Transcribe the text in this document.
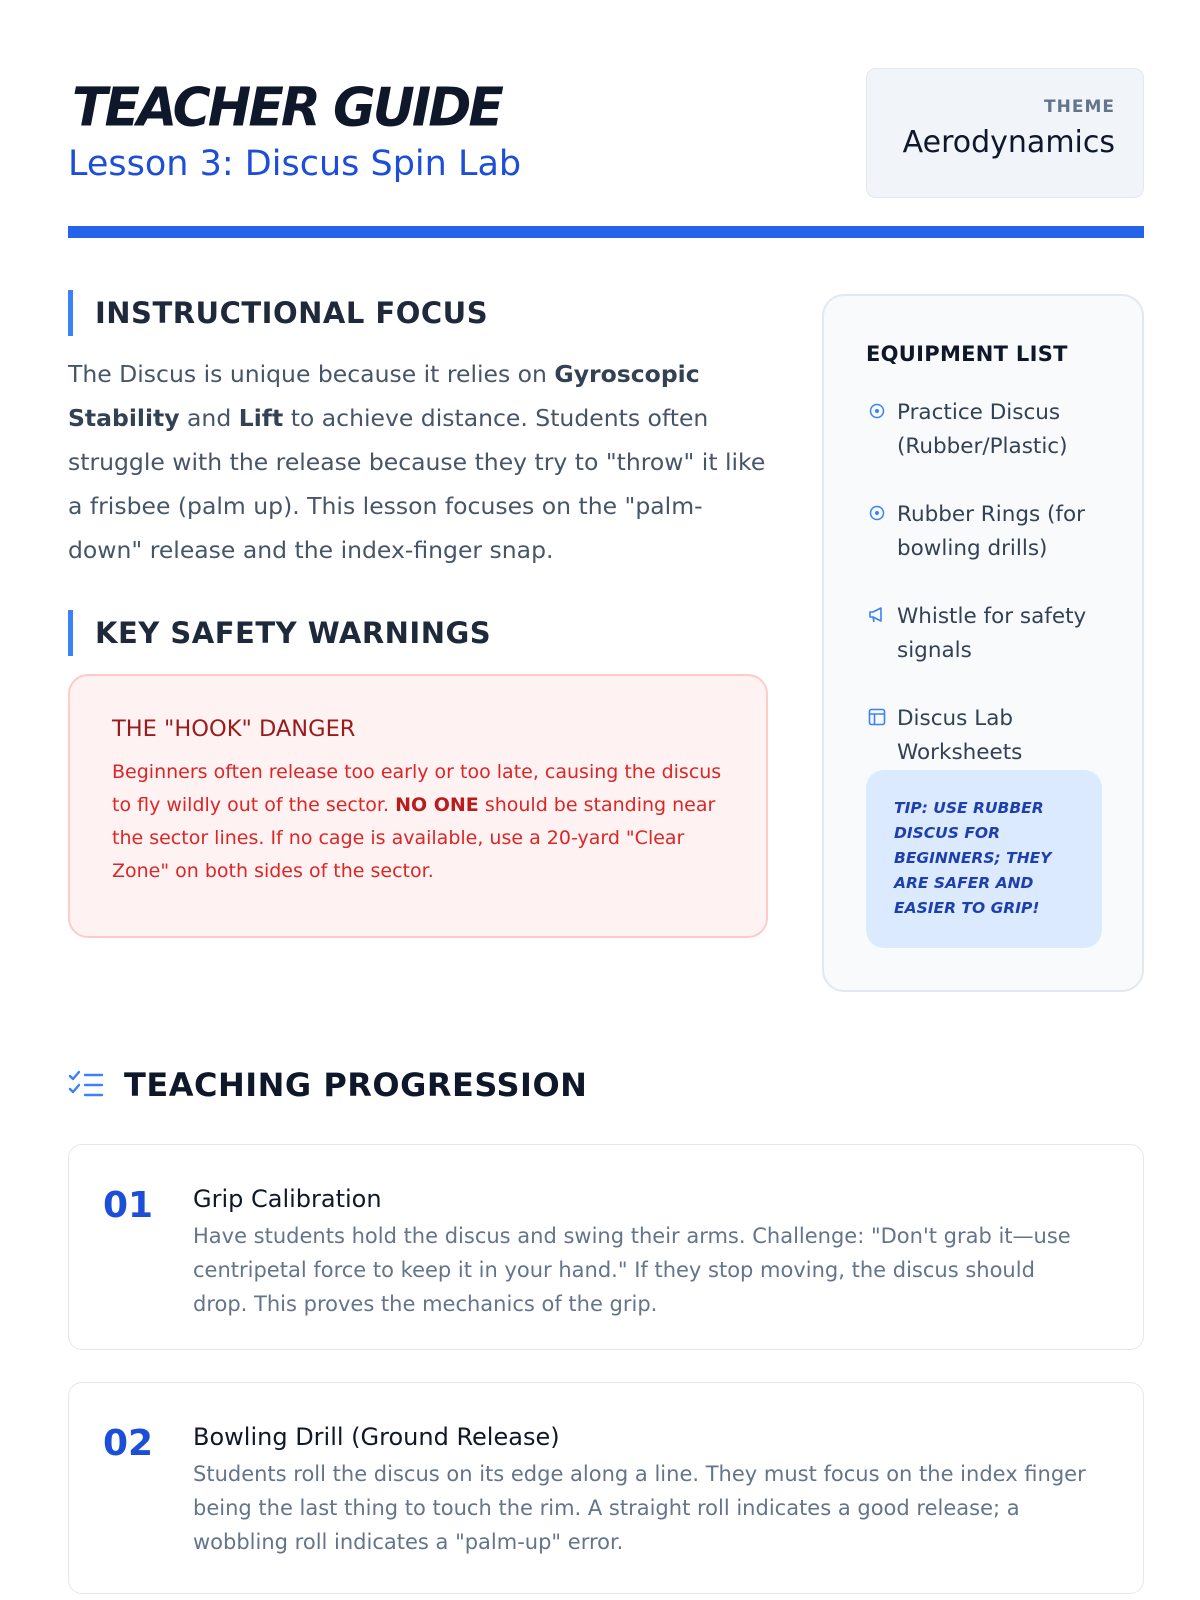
TEACHER GUIDE
Lesson 3: Discus Spin Lab
THEME
Aerodynamics
INSTRUCTIONAL FOCUS

The Discus is unique because it relies on Gyroscopic Stability and Lift to achieve distance. Students often struggle with the release because they try to "throw" it like a frisbee (palm up). This lesson focuses on the "palm-down" release and the index-finger snap.

KEY SAFETY WARNINGS
THE "HOOK" DANGER

Beginners often release too early or too late, causing the discus to fly wildly out of the sector. NO ONE should be standing near the sector lines. If no cage is available, use a 20-yard "Clear Zone" on both sides of the sector.

EQUIPMENT LIST
Practice Discus (Rubber/Plastic)
Rubber Rings (for bowling drills)
Whistle for safety signals
Discus Lab Worksheets
TIP: USE RUBBER DISCUS FOR BEGINNERS; THEY ARE SAFER AND EASIER TO GRIP!
TEACHING PROGRESSION
01 Grip Calibration
Have students hold the discus and swing their arms. Challenge: "Don't grab it—use centripetal force to keep it in your hand." If they stop moving, the discus should drop. This proves the mechanics of the grip.
02 Bowling Drill (Ground Release)
Students roll the discus on its edge along a line. They must focus on the index finger being the last thing to touch the rim. A straight roll indicates a good release; a wobbling roll indicates a "palm-up" error.
